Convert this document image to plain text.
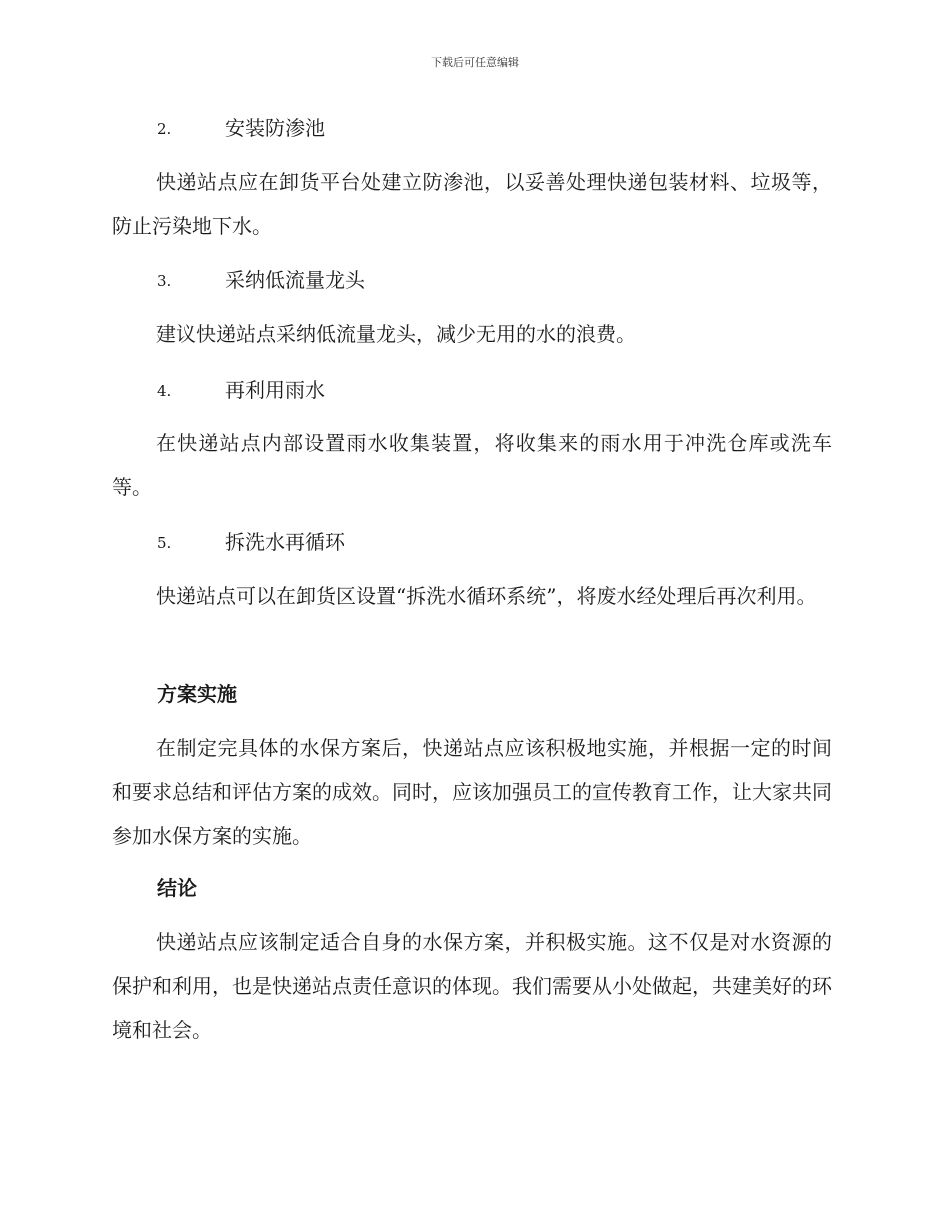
下载后可任意编辑
2.	安装防渗池

快递站点应在卸货平台处建立防渗池，以妥善处理快递包装材料、垃圾等，防止污染地下水。

3.	采纳低流量龙头

建议快递站点采纳低流量龙头，减少无用的水的浪费。

4.	再利用雨水

在快递站点内部设置雨水收集装置，将收集来的雨水用于冲洗仓库或洗车等。

5.	拆洗水再循环

快递站点可以在卸货区设置“拆洗水循环系统”，将废水经处理后再次利用。

方案实施

在制定完具体的水保方案后，快递站点应该积极地实施，并根据一定的时间和要求总结和评估方案的成效。同时，应该加强员工的宣传教育工作，让大家共同参加水保方案的实施。

结论

快递站点应该制定适合自身的水保方案，并积极实施。这不仅是对水资源的保护和利用，也是快递站点责任意识的体现。我们需要从小处做起，共建美好的环境和社会。
